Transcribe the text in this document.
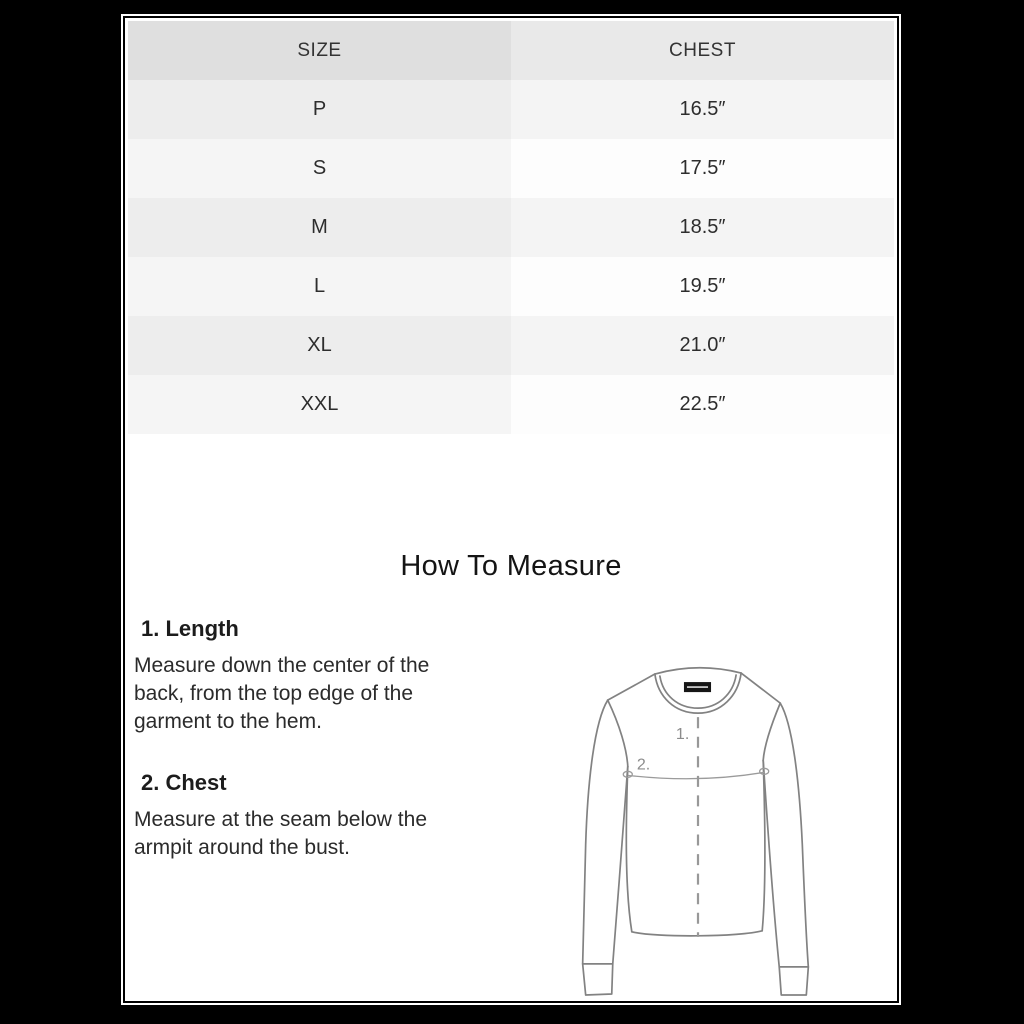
SIZE	CHEST
P	16.5″
S	17.5″
M	18.5″
L	19.5″
XL	21.0″
XXL	22.5″
How To Measure
1. Length

Measure down the center of the back, from the top edge of the garment to the hem.

2. Chest

Measure at the seam below the armpit around the bust.

1.
2.
